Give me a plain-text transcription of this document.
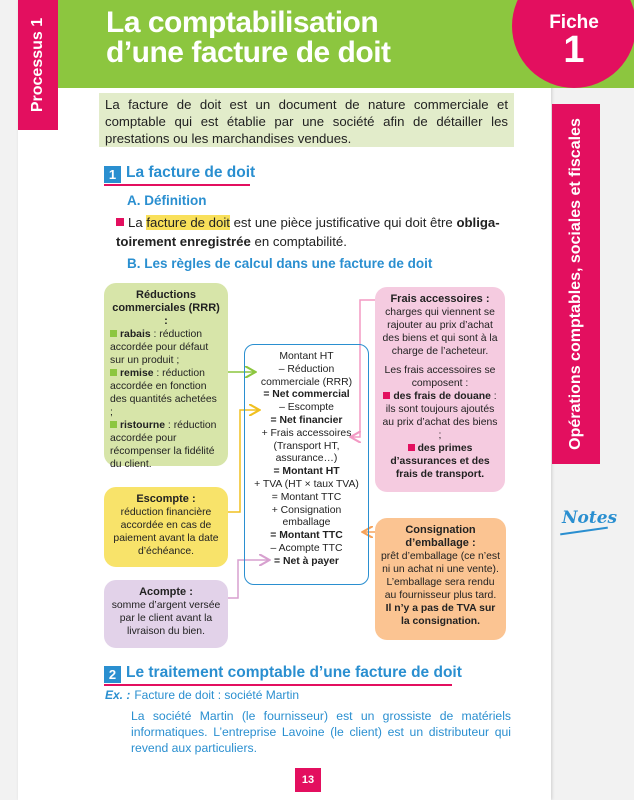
La comptabilisation
d’une facture de doit
Processus 1	Fiche
1
Opérations comptables, sociales et fiscales
Notes
La facture de doit est un document de nature commerciale et comptable qui est établie par une société afin de détailler les prestations ou les marchandises vendues.
1 La facture de doit
A. Définition
La facture de doit est une pièce justificative qui doit être obliga-
toirement enregistrée en comptabilité.
B. Les règles de calcul dans une facture de doit
Réductions commerciales (RRR) :
rabais : réduction accordée pour défaut sur un produit ;
remise : réduction accordée en fonction des quantités achetées ;
ristourne : réduction accordée pour récompenser la fidélité du client.
Escompte :
réduction financière accordée en cas de paiement avant la date d’échéance.
Acompte :
somme d’argent versée par le client avant la livraison du bien.
Frais accessoires :
charges qui viennent se rajouter au prix d’achat des biens et qui sont à la charge de l’acheteur.
Les frais accessoires se composent :
des frais de douane : ils sont toujours ajoutés au prix d’achat des biens ;
des primes d’assurances et des frais de transport.
Consignation d’emballage :
prêt d’emballage (ce n’est ni un achat ni une vente). L’emballage sera rendu au fournisseur plus tard. Il n’y a pas de TVA sur la consignation.
Montant HT
– Réduction commerciale (RRR)
= Net commercial
– Escompte
= Net financier
+ Frais accessoires (Transport HT, assurance…)
= Montant HT
+ TVA (HT × taux TVA)
= Montant TTC
+ Consignation emballage
= Montant TTC
– Acompte TTC
= Net à payer
2 Le traitement comptable d’une facture de doit
Ex. : Facture de doit : société Martin
La société Martin (le fournisseur) est un grossiste de matériels informatiques. L’entreprise Lavoine (le client) est un distributeur qui revend aux particuliers.
13
